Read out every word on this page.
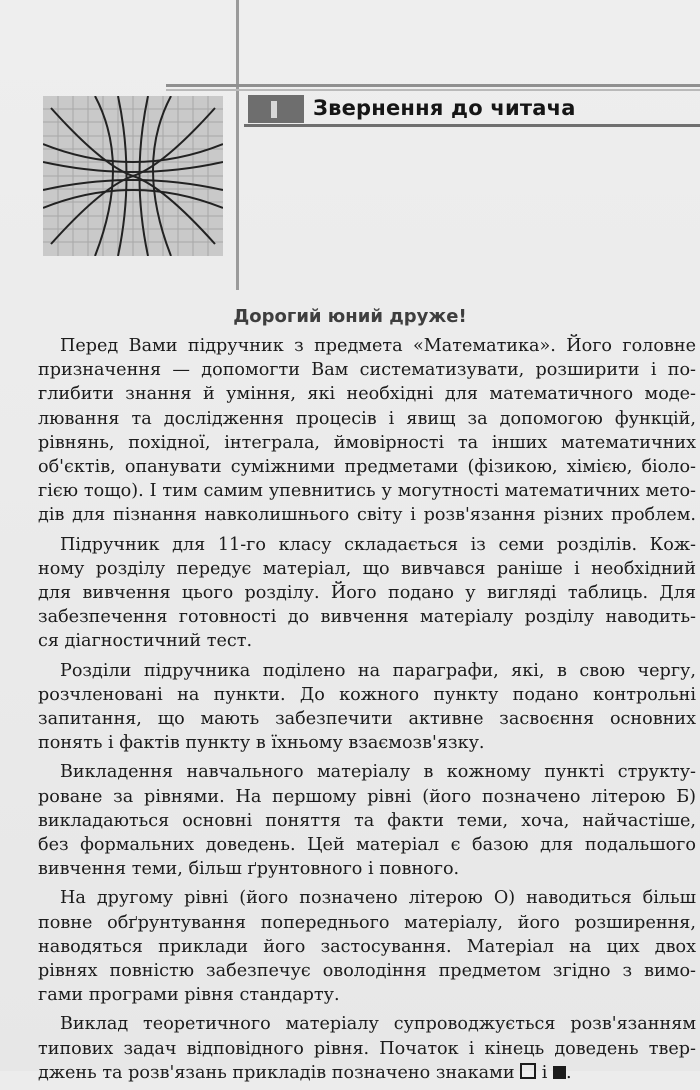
Звернення до читача
Дорогий юний друже!

Перед Вами підручник з предмета «Математика». Його головне
призначення — допомогти Вам систематизувати, розширити і по-
глибити знання й уміння, які необхідні для математичного моде-
лювання та дослідження процесів і явищ за допомогою функцій,
рівнянь, похідної, інтеграла, ймовірності та інших математичних
об'єктів, опанувати суміжними предметами (фізикою, хімією, біоло-
гією тощо). І тим самим упевнитись у могутності математичних мето-
дів для пізнання навколишнього світу і розв'язання різних проблем.

Підручник для 11-го класу складається із семи розділів. Кож-
ному розділу передує матеріал, що вивчався раніше і необхідний
для вивчення цього розділу. Його подано у вигляді таблиць. Для
забезпечення готовності до вивчення матеріалу розділу наводить-
ся діагностичний тест.

Розділи підручника поділено на параграфи, які, в свою чергу,
розчленовані на пункти. До кожного пункту подано контрольні
запитання, що мають забезпечити активне засвоєння основних
понять і фактів пункту в їхньому взаємозв'язку.

Викладення навчального матеріалу в кожному пункті структу-
роване за рівнями. На першому рівні (його позначено літерою Б)
викладаються основні поняття та факти теми, хоча, найчастіше,
без формальних доведень. Цей матеріал є базою для подальшого
вивчення теми, більш ґрунтовного і повного.

На другому рівні (його позначено літерою О) наводиться більш
повне обґрунтування попереднього матеріалу, його розширення,
наводяться приклади його застосування. Матеріал на цих двох
рівнях повністю забезпечує оволодіння предметом згідно з вимо-
гами програми рівня стандарту.

Виклад теоретичного матеріалу супроводжується розв'язанням
типових задач відповідного рівня. Початок і кінець доведень твер-
джень та розв'язань прикладів позначено знаками і .
